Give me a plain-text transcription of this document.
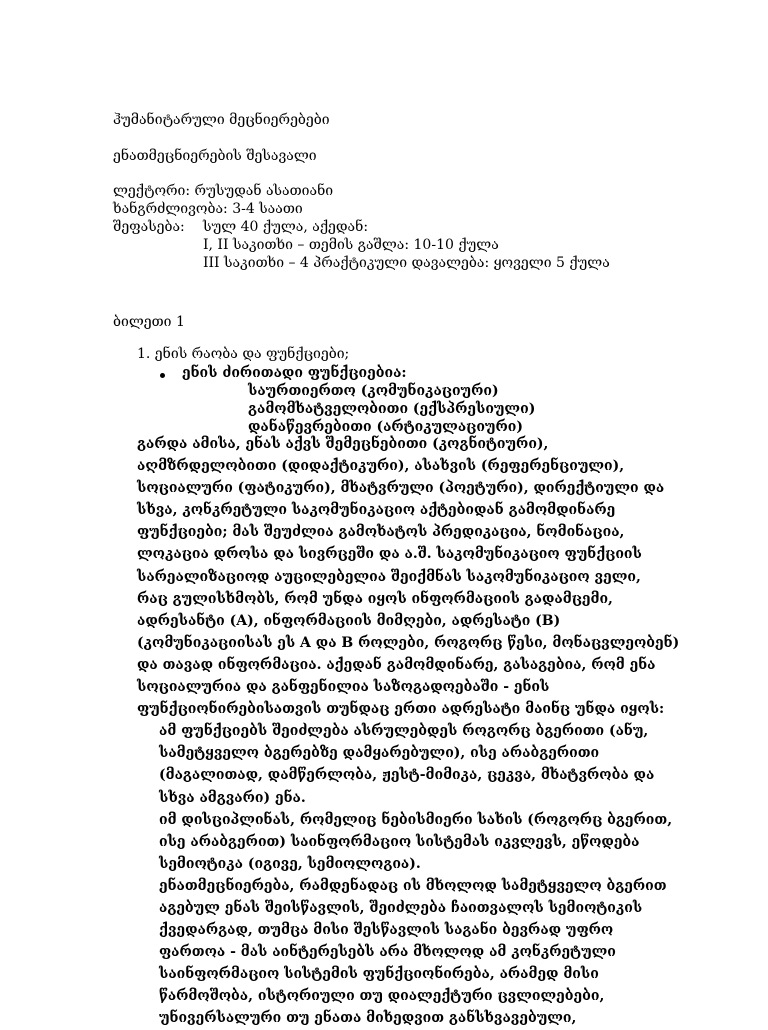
ჰუმანიტარული მეცნიერებები
ენათმეცნიერების შესავალი
ლექტორი: რუსუდან ასათიანი
ხანგრძლივობა: 3-4 საათი
შეფასება: სულ 40 ქულა, აქედან:
I, II საკითხი – თემის გაშლა: 10-10 ქულა
III საკითხი – 4 პრაქტიკული დავალება: ყოველი 5 ქულა
ბილეთი 1
1. ენის რაობა და ფუნქციები;
ენის ძირითადი ფუნქციებია:
საურთიერთო (კომუნიკაციური)
გამომხატველობითი (ექსპრესიული)
დანაწევრებითი (არტიკულაციური)
გარდა ამისა, ენას აქვს შემეცნებითი (კოგნიტიური),
აღმზრდელობითი (დიდაქტიკური), ასახვის (რეფერენციული),
სოციალური (ფატიკური), მხატვრული (პოეტური), დირექტიული და
სხვა, კონკრეტული საკომუნიკაციო აქტებიდან გამომდინარე
ფუნქციები; მას შეუძლია გამოხატოს პრედიკაცია, ნომინაცია,
ლოკაცია დროსა და სივრცეში და ა.შ. საკომუნიკაციო ფუნქციის
სარეალიზაციოდ აუცილებელია შეიქმნას საკომუნიკაციო ველი,
რაც გულისხმობს, რომ უნდა იყოს ინფორმაციის გადამცემი,
ადრესანტი (A), ინფორმაციის მიმღები, ადრესატი (B)
(კომუნიკაციისას ეს A და B როლები, როგორც წესი, მონაცვლეობენ)
და თავად ინფორმაცია. აქედან გამომდინარე, გასაგებია, რომ ენა
სოციალურია და განფენილია საზოგადოებაში - ენის
ფუნქციონირებისათვის თუნდაც ერთი ადრესატი მაინც უნდა იყოს:
ამ ფუნქციებს შეიძლება ასრულებდეს როგორც ბგერითი (ანუ,
სამეტყველო ბგერებზე დამყარებული), ისე არაბგერითი
(მაგალითად, დამწერლობა, ჟესტ-მიმიკა, ცეკვა, მხატვრობა და
სხვა ამგვარი) ენა.
იმ დისციპლინას, რომელიც ნებისმიერი სახის (როგორც ბგერით,
ისე არაბგერით) საინფორმაციო სისტემას იკვლევს, ეწოდება
სემიოტიკა (იგივე, სემიოლოგია).
ენათმეცნიერება, რამდენადაც ის მხოლოდ სამეტყველო ბგერით
აგებულ ენას შეისწავლის, შეიძლება ჩაითვალოს სემიოტიკის
ქვედარგად, თუმცა მისი შესწავლის საგანი ბევრად უფრო
ფართოა - მას აინტერესებს არა მხოლოდ ამ კონკრეტული
საინფორმაციო სისტემის ფუნქციონირება, არამედ მისი
წარმოშობა, ისტორიული თუ დიალექტური ცვლილებები,
უნივერსალური თუ ენათა მიხედვით განსხვავებული,
